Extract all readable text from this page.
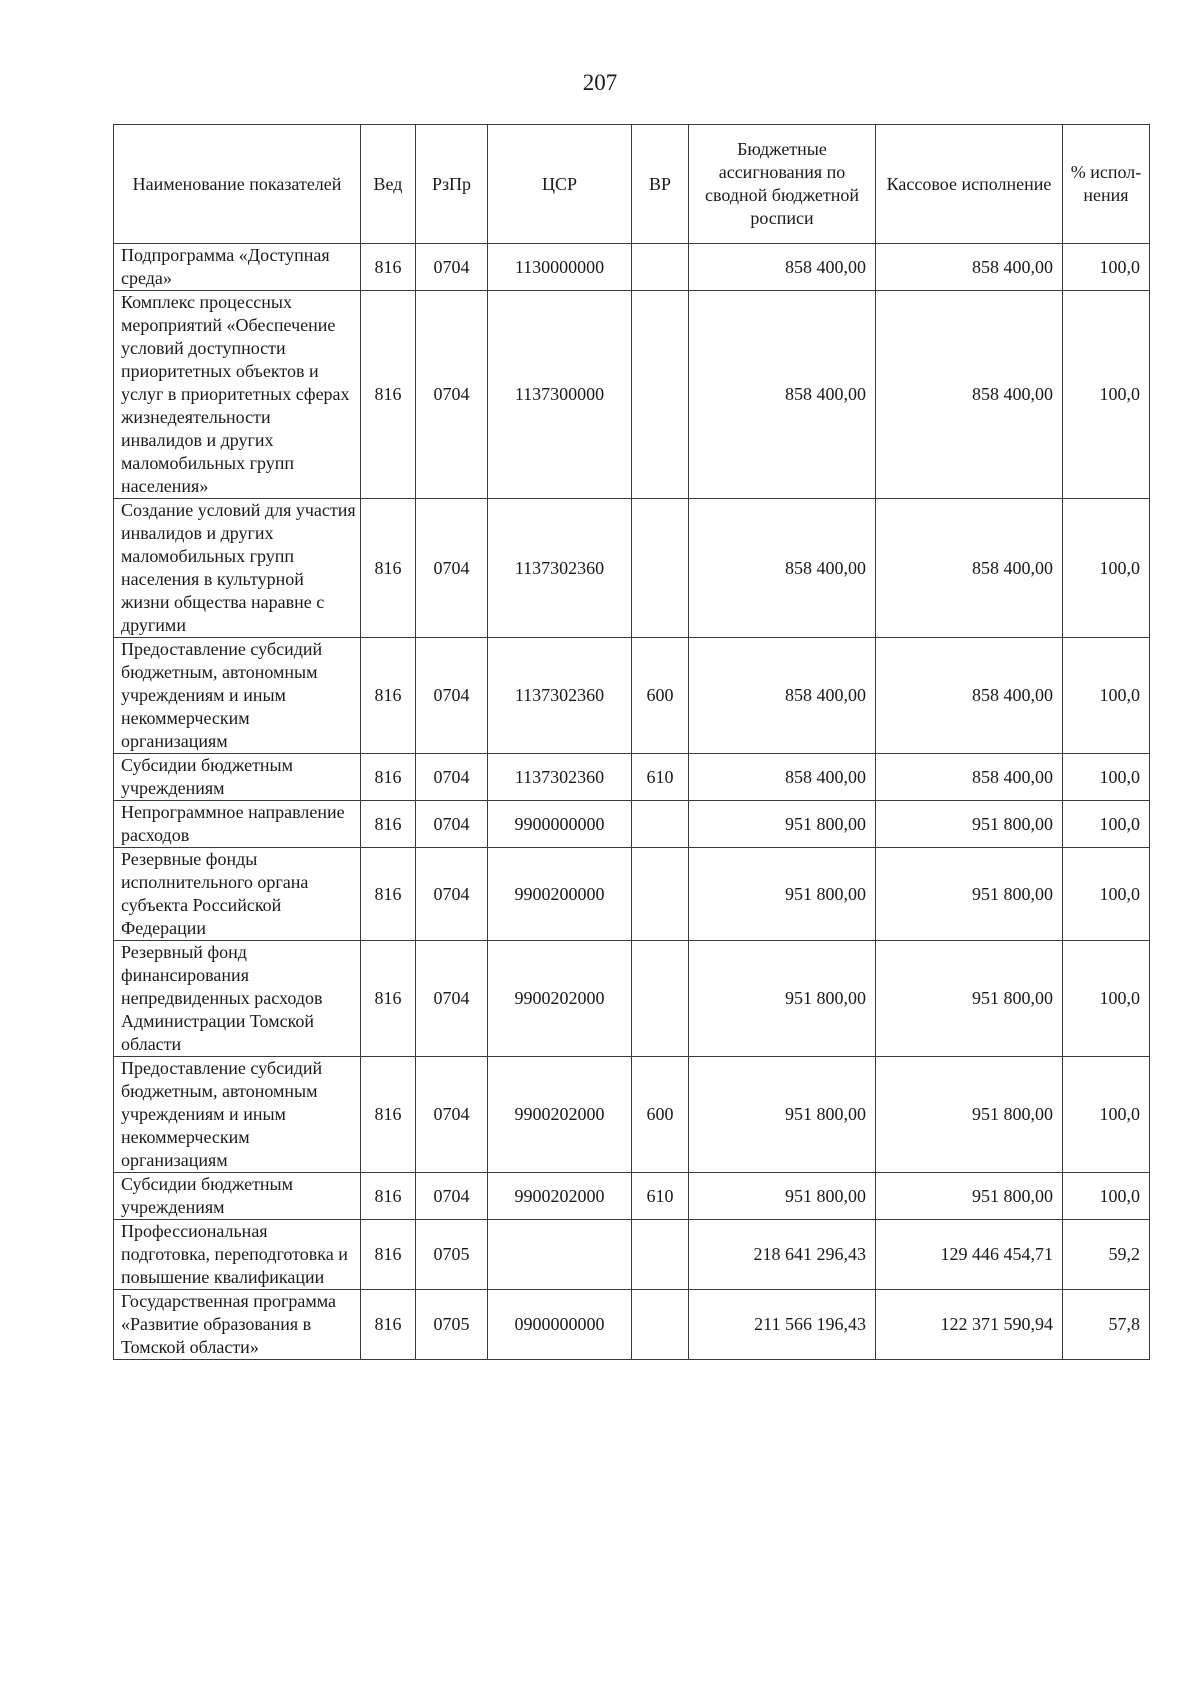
207
Наименование показателей	Вед	РзПр	ЦСР	ВР	Бюджетные ассигнования по сводной бюджетной росписи	Кассовое исполнение	% испол-нения
Подпрограмма «Доступная среда»	816	0704	1130000000		858 400,00	858 400,00	100,0
Комплекс процессных мероприятий «Обеспечение условий доступности приоритетных объектов и услуг в приоритетных сферах жизнедеятельности инвалидов и других маломобильных групп населения»	816	0704	1137300000		858 400,00	858 400,00	100,0
Создание условий для участия инвалидов и других маломобильных групп населения в культурной жизни общества наравне с другими	816	0704	1137302360		858 400,00	858 400,00	100,0
Предоставление субсидий бюджетным, автономным учреждениям и иным некоммерческим организациям	816	0704	1137302360	600	858 400,00	858 400,00	100,0
Субсидии бюджетным учреждениям	816	0704	1137302360	610	858 400,00	858 400,00	100,0
Непрограммное направление расходов	816	0704	9900000000		951 800,00	951 800,00	100,0
Резервные фонды исполнительного органа субъекта Российской Федерации	816	0704	9900200000		951 800,00	951 800,00	100,0
Резервный фонд финансирования непредвиденных расходов Администрации Томской области	816	0704	9900202000		951 800,00	951 800,00	100,0
Предоставление субсидий бюджетным, автономным учреждениям и иным некоммерческим организациям	816	0704	9900202000	600	951 800,00	951 800,00	100,0
Субсидии бюджетным учреждениям	816	0704	9900202000	610	951 800,00	951 800,00	100,0
Профессиональная подготовка, переподготовка и повышение квалификации	816	0705			218 641 296,43	129 446 454,71	59,2
Государственная программа «Развитие образования в Томской области»	816	0705	0900000000		211 566 196,43	122 371 590,94	57,8
